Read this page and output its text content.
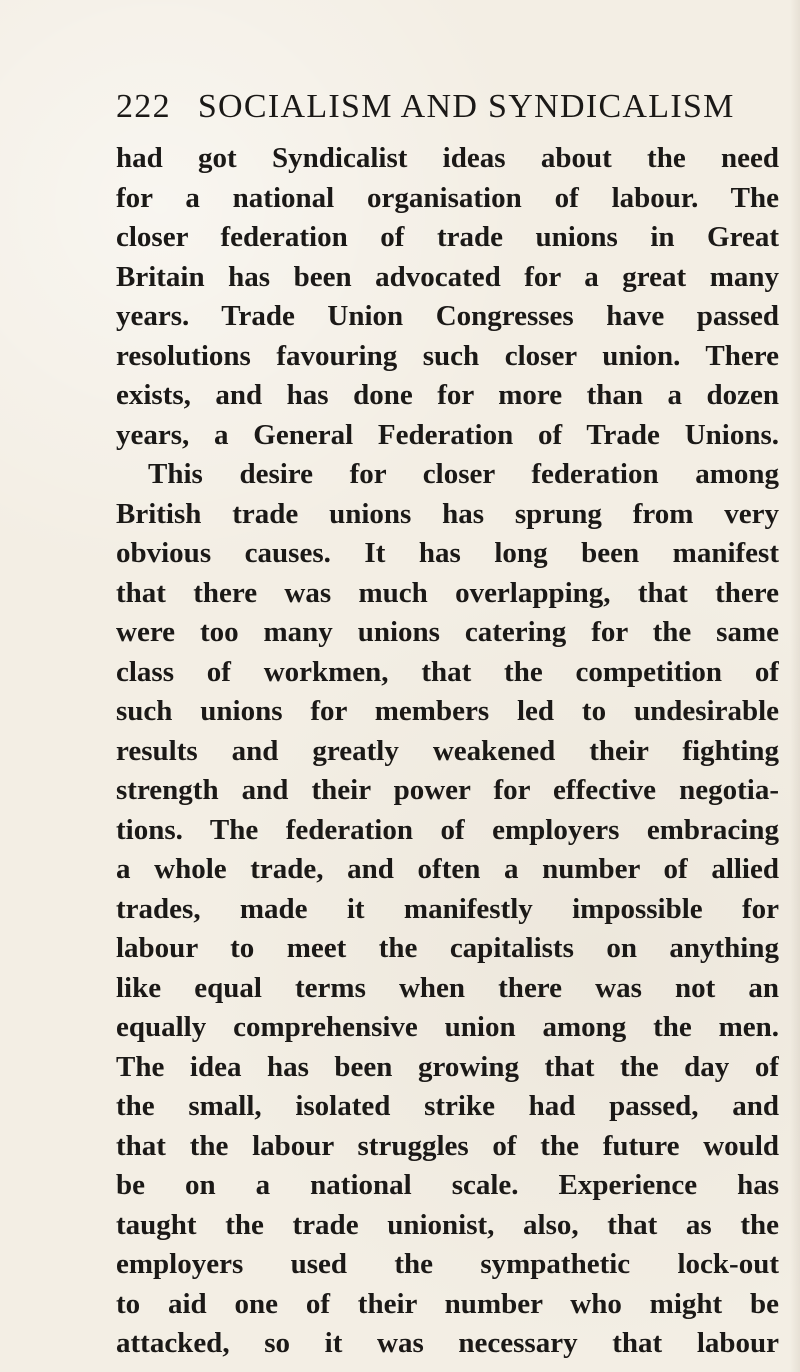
222 SOCIALISM AND SYNDICALISM
had got Syndicalist ideas about the need
for a national organisation of labour. The
closer federation of trade unions in Great
Britain has been advocated for a great many
years. Trade Union Congresses have passed
resolutions favouring such closer union. There
exists, and has done for more than a dozen
years, a General Federation of Trade Unions.
This desire for closer federation among
British trade unions has sprung from very
obvious causes. It has long been manifest
that there was much overlapping, that there
were too many unions catering for the same
class of workmen, that the competition of
such unions for members led to undesirable
results and greatly weakened their fighting
strength and their power for effective negotia-
tions. The federation of employers embracing
a whole trade, and often a number of allied
trades, made it manifestly impossible for
labour to meet the capitalists on anything
like equal terms when there was not an
equally comprehensive union among the men.
The idea has been growing that the day of
the small, isolated strike had passed, and
that the labour struggles of the future would
be on a national scale. Experience has
taught the trade unionist, also, that as the
employers used the sympathetic lock-out
to aid one of their number who might be
attacked, so it was necessary that labour
